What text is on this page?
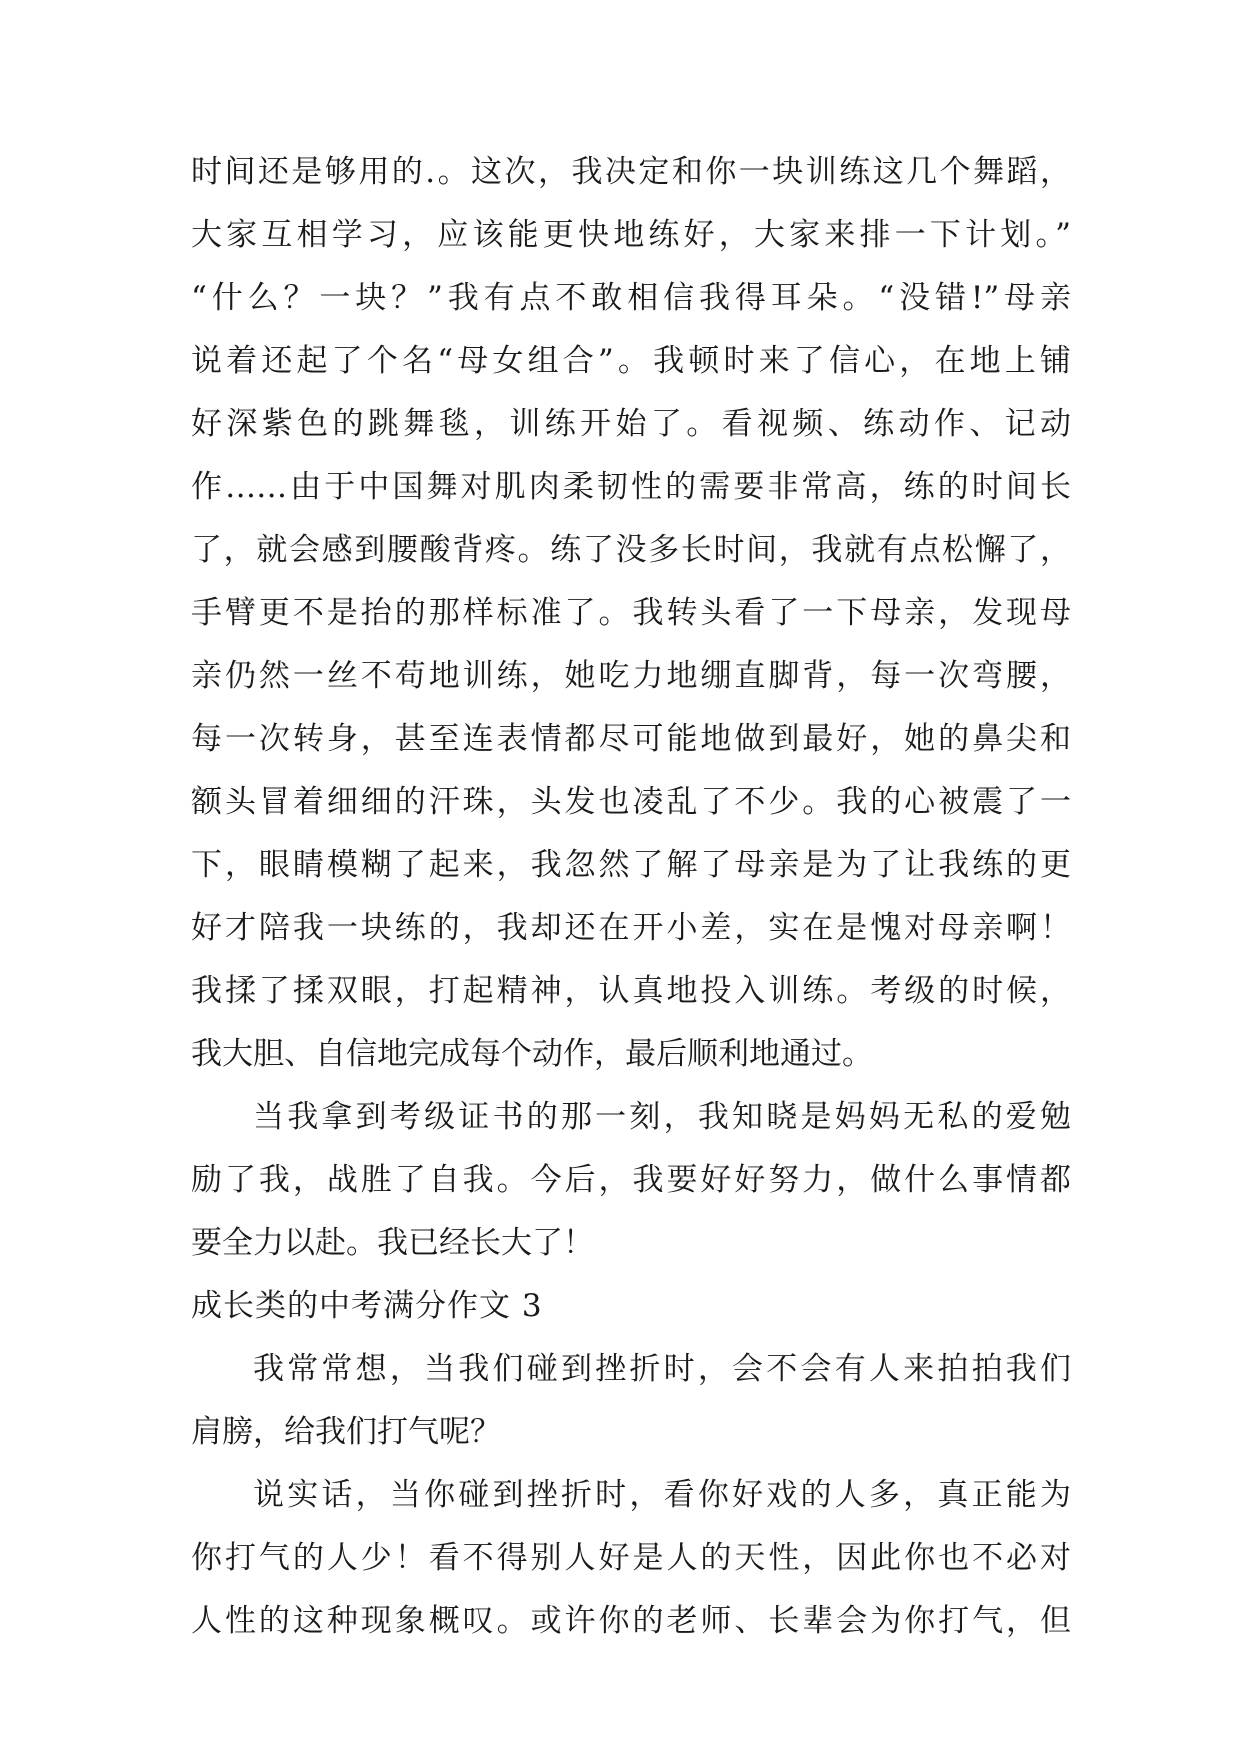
时间还是够用的.。这次，我决定和你一块训练这几个舞蹈，
大家互相学习，应该能更快地练好，大家来排一下计划。”
“什么？一块？”我有点不敢相信我得耳朵。“没错!”母亲
说着还起了个名“母女组合”。我顿时来了信心，在地上铺
好深紫色的跳舞毯，训练开始了。看视频、练动作、记动
作……由于中国舞对肌肉柔韧性的需要非常高，练的时间长
了，就会感到腰酸背疼。练了没多长时间，我就有点松懈了，
手臂更不是抬的那样标准了。我转头看了一下母亲，发现母
亲仍然一丝不苟地训练，她吃力地绷直脚背，每一次弯腰，
每一次转身，甚至连表情都尽可能地做到最好，她的鼻尖和
额头冒着细细的汗珠，头发也凌乱了不少。我的心被震了一
下，眼睛模糊了起来，我忽然了解了母亲是为了让我练的更
好才陪我一块练的，我却还在开小差，实在是愧对母亲啊！
我揉了揉双眼，打起精神，认真地投入训练。考级的时候，
我大胆、自信地完成每个动作，最后顺利地通过。
当我拿到考级证书的那一刻，我知晓是妈妈无私的爱勉
励了我，战胜了自我。今后，我要好好努力，做什么事情都
要全力以赴。我已经长大了！
成长类的中考满分作文 3
我常常想，当我们碰到挫折时，会不会有人来拍拍我们
肩膀，给我们打气呢？
说实话，当你碰到挫折时，看你好戏的人多，真正能为
你打气的人少！看不得别人好是人的天性，因此你也不必对
人性的这种现象概叹。或许你的老师、长辈会为你打气，但
